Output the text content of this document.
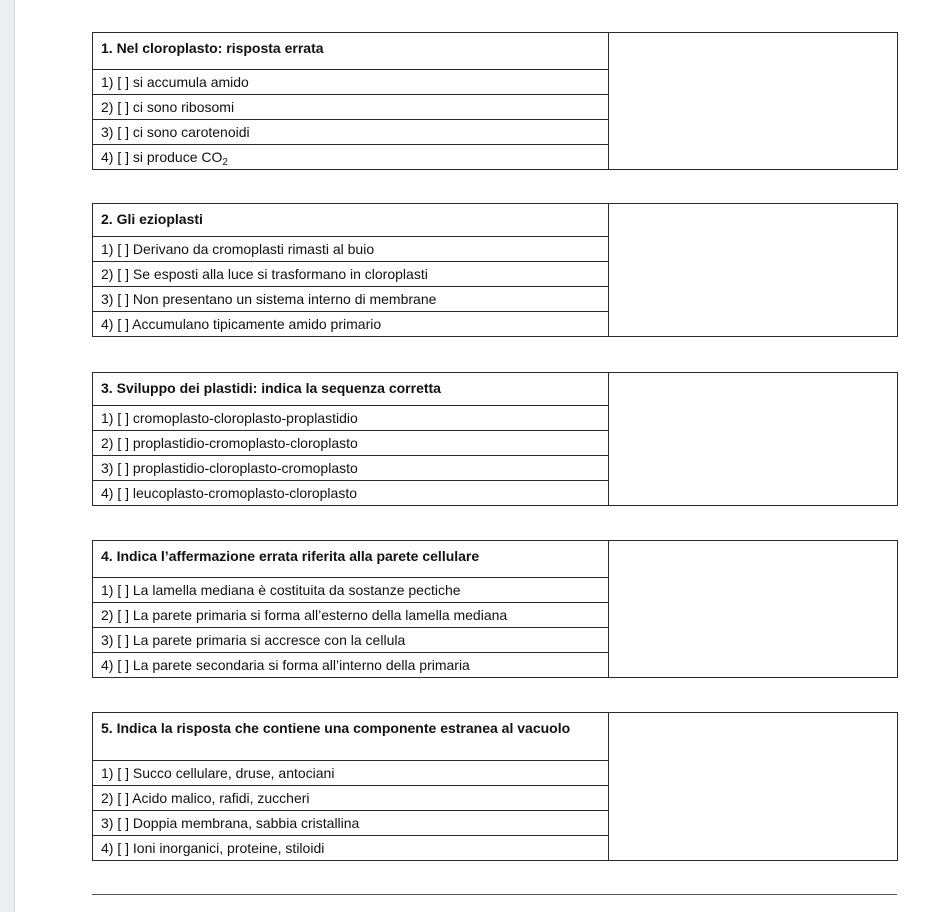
1. Nel cloroplasto: risposta errata	
1) [ ] si accumula amido
2) [ ] ci sono ribosomi
3) [ ] ci sono carotenoidi
4) [ ] si produce $CO_2$
2. Gli ezioplasti	
1) [ ] Derivano da cromoplasti rimasti al buio
2) [ ] Se esposti alla luce si trasformano in cloroplasti
3) [ ] Non presentano un sistema interno di membrane
4) [ ] Accumulano tipicamente amido primario
3. Sviluppo dei plastidi: indica la sequenza corretta	
1) [ ] cromoplasto-cloroplasto-proplastidio
2) [ ] proplastidio-cromoplasto-cloroplasto
3) [ ] proplastidio-cloroplasto-cromoplasto
4) [ ] leucoplasto-cromoplasto-cloroplasto
4. Indica l’affermazione errata riferita alla parete cellulare	
1) [ ] La lamella mediana è costituita da sostanze pectiche
2) [ ] La parete primaria si forma all’esterno della lamella mediana
3) [ ] La parete primaria si accresce con la cellula
4) [ ] La parete secondaria si forma all’interno della primaria
5. Indica la risposta che contiene una componente estranea al vacuolo	
1) [ ] Succo cellulare, druse, antociani
2) [ ] Acido malico, rafidi, zuccheri
3) [ ] Doppia membrana, sabbia cristallina
4) [ ] Ioni inorganici, proteine, stiloidi
